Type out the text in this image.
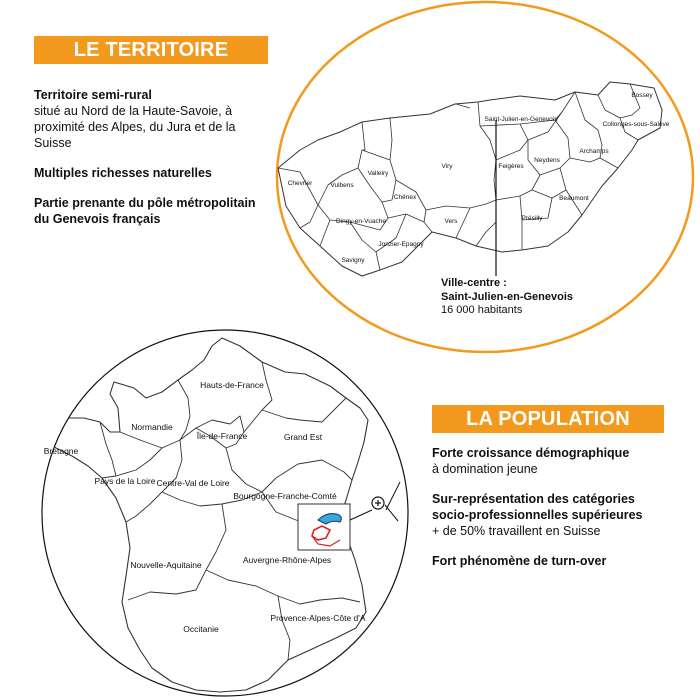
LE TERRITOIRE
LA POPULATION
Territoire semi-rural
situé au Nord de la Haute-Savoie, à proximité des Alpes, du Jura et de la Suisse
Multiples richesses naturelles
Partie prenante du pôle métropolitain du Genevois français
Forte croissance démographique
à domination jeune
Sur-représentation des catégories socio-professionnelles supérieures
+ de 50% travaillent en Suisse
Fort phénomène de turn-over
Bossey
Saint-Julien-en-Genevois
Collonges-sous-Salève
Archamps
Neydens
Feigères
Viry
Valleiry
Vulbens
Chevrier
Chênex	Beaumont
Présilly
Vers
Dingy-en-Vuache
Jonzier-Epagny
Savigny
Ville-centre :
Saint-Julien-en-Genevois
16 000 habitants
Hauts-de-France
Normandie
Île-de-France	Grand Est
Bretagne
Pays de la Loire Centre-Val de Loire
Bourgogne-Franche-Comté
Nouvelle-Aquitaine	Auvergne-Rhône-Alpes
Occitanie
Provence-Alpes-Côte d'A
